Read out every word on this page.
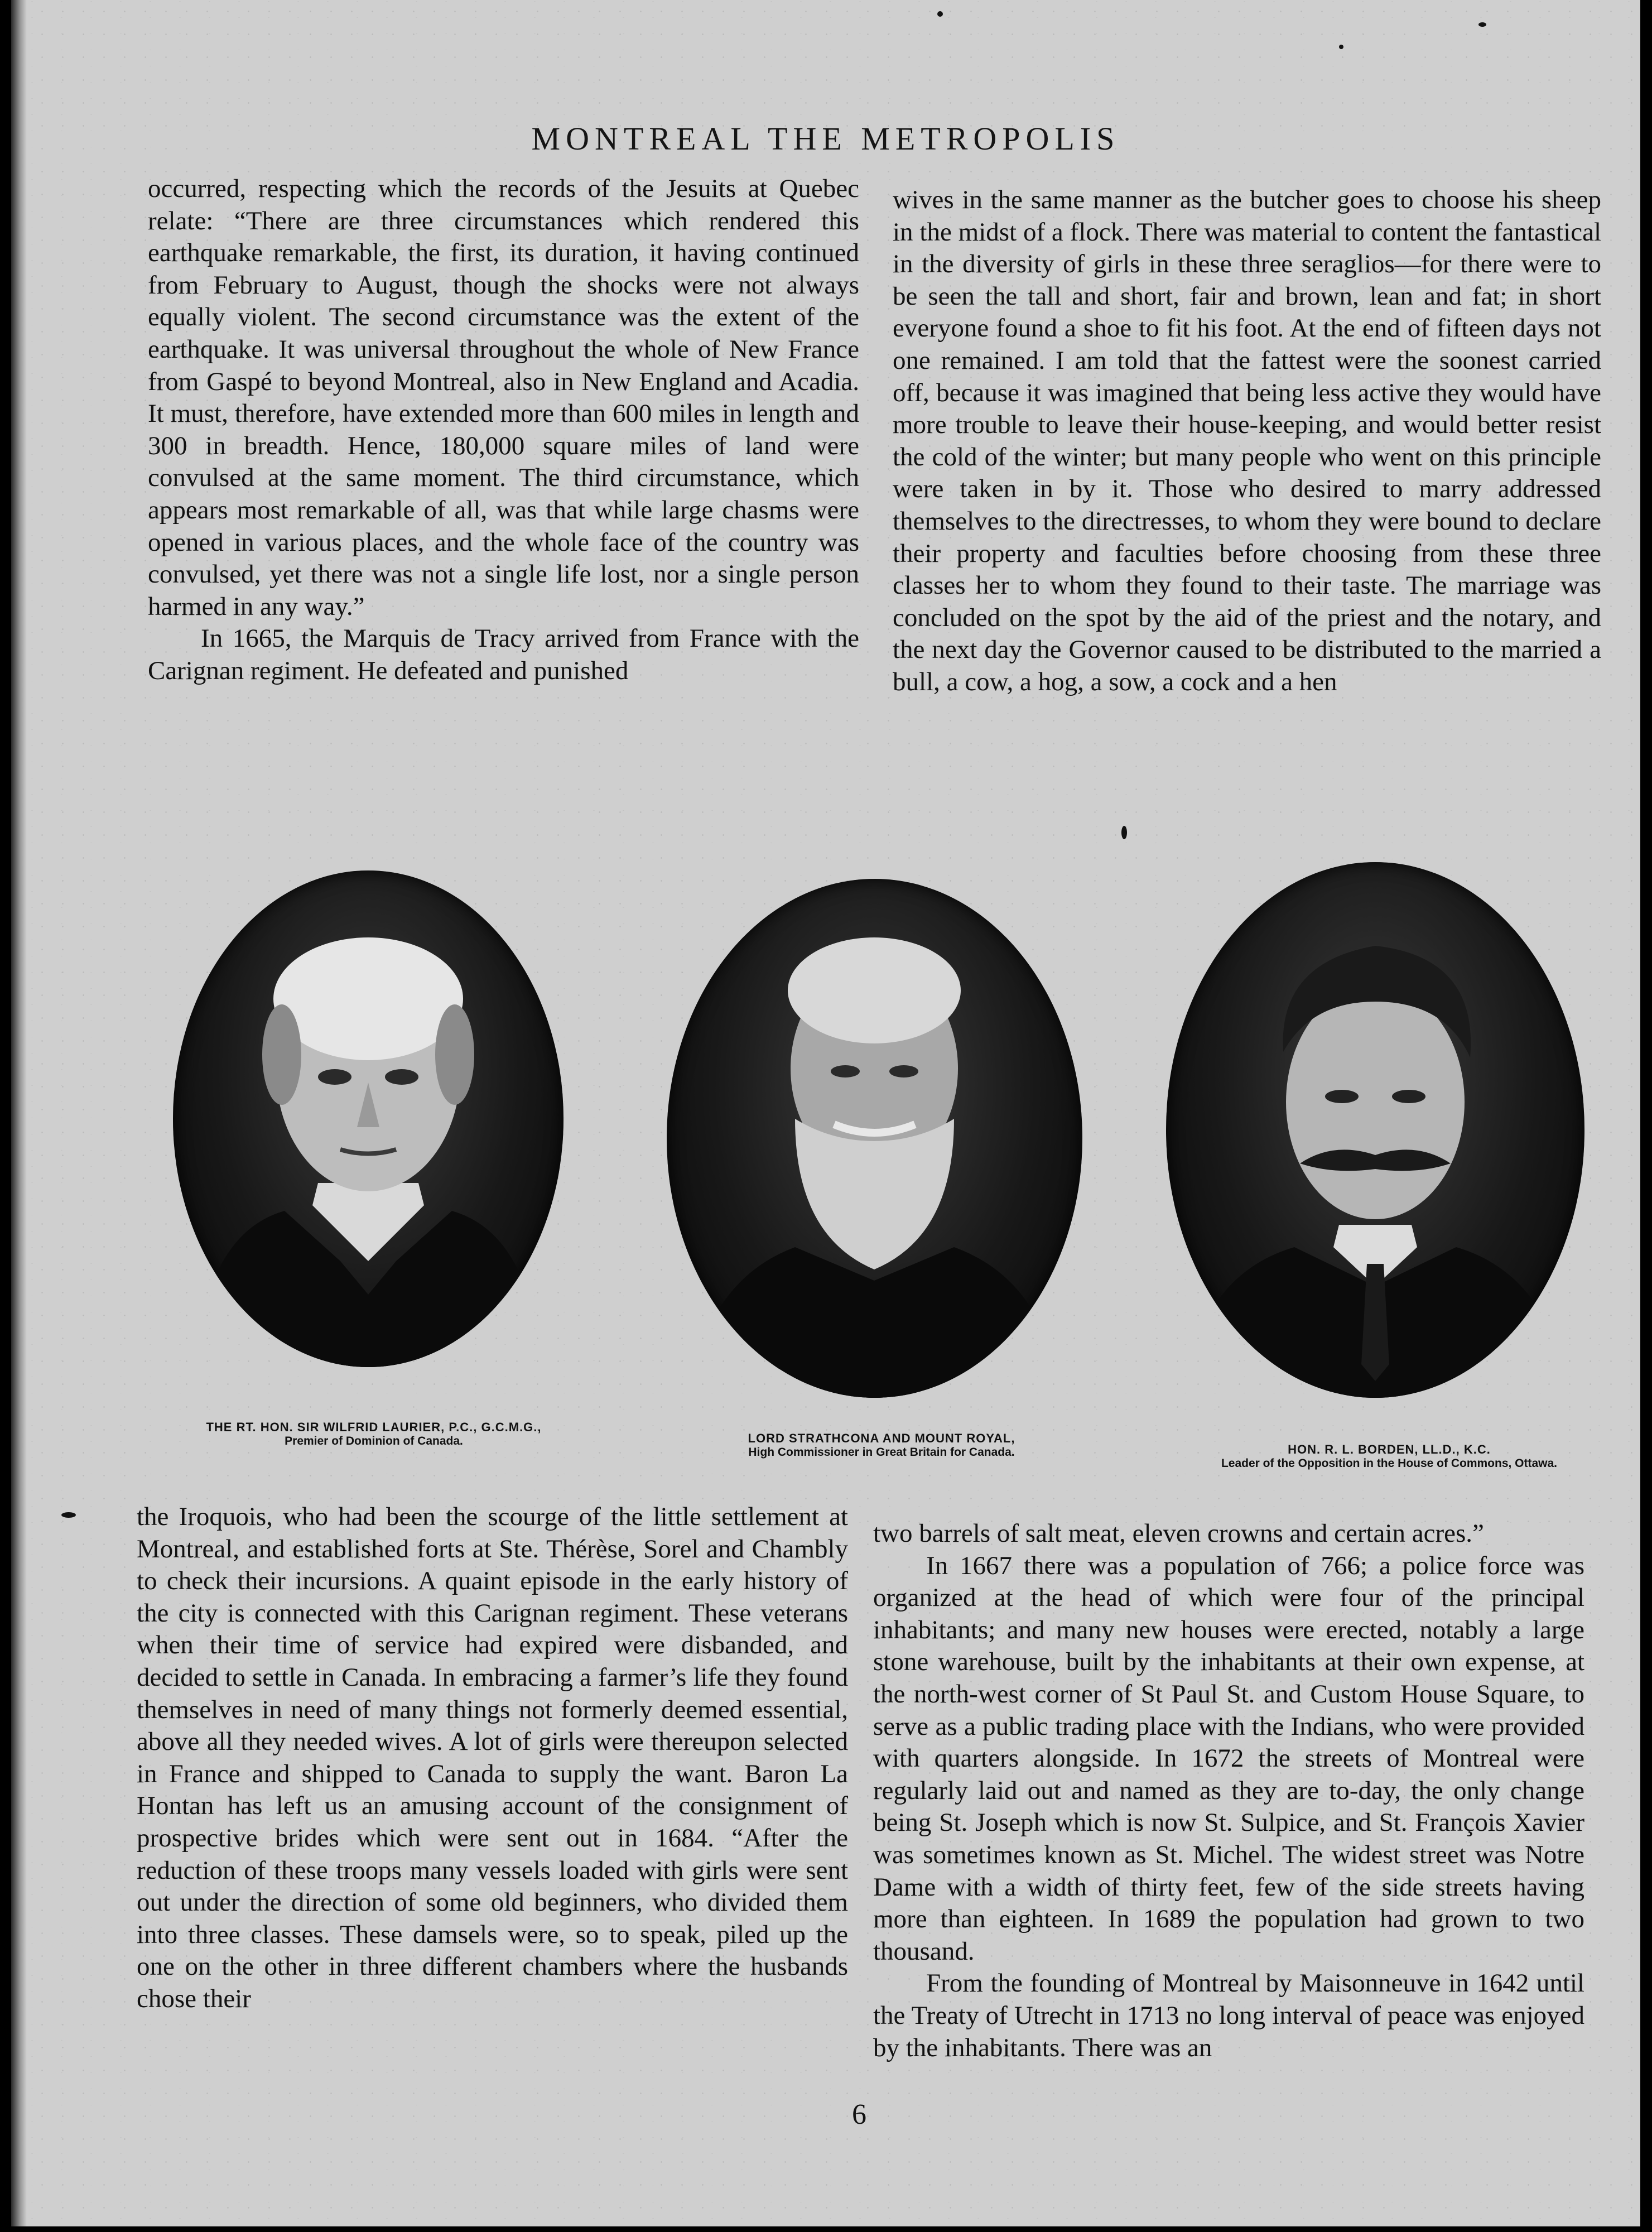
MONTREAL THE METROPOLIS

occurred, respecting which the records of the Jesuits at Quebec relate: “There are three circumstances which rendered this earthquake remarkable, the first, its duration, it having continued from February to August, though the shocks were not always equally violent. The second circumstance was the extent of the earthquake. It was universal throughout the whole of New France from Gaspé to beyond Montreal, also in New England and Acadia. It must, therefore, have extended more than 600 miles in length and 300 in breadth. Hence, 180,000 square miles of land were convulsed at the same moment. The third circumstance, which appears most remarkable of all, was that while large chasms were opened in various places, and the whole face of the country was convulsed, yet there was not a single life lost, nor a single person harmed in any way.”

In 1665, the Marquis de Tracy arrived from France with the Carignan regiment. He defeated and punished

wives in the same manner as the butcher goes to choose his sheep in the midst of a flock. There was material to content the fantastical in the diversity of girls in these three seraglios—for there were to be seen the tall and short, fair and brown, lean and fat; in short everyone found a shoe to fit his foot. At the end of fifteen days not one remained. I am told that the fattest were the soonest carried off, because it was imagined that being less active they would have more trouble to leave their house-keeping, and would better resist the cold of the winter; but many people who went on this principle were taken in by it. Those who desired to marry addressed themselves to the directresses, to whom they were bound to declare their property and faculties before choosing from these three classes her to whom they found to their taste. The marriage was concluded on the spot by the aid of the priest and the notary, and the next day the Governor caused to be distributed to the married a bull, a cow, a hog, a sow, a cock and a hen

THE RT. HON. SIR WILFRID LAURIER, P.C., G.C.M.G.,
Premier of Dominion of Canada.	LORD STRATHCONA AND MOUNT ROYAL,
High Commissioner in Great Britain for Canada.	HON. R. L. BORDEN, LL.D., K.C.
Leader of the Opposition in the House of Commons, Ottawa.

the Iroquois, who had been the scourge of the little settlement at Montreal, and established forts at Ste. Thérèse, Sorel and Chambly to check their incursions. A quaint episode in the early history of the city is connected with this Carignan regiment. These veterans when their time of service had expired were disbanded, and decided to settle in Canada. In embracing a farmer’s life they found themselves in need of many things not formerly deemed essential, above all they needed wives. A lot of girls were thereupon selected in France and shipped to Canada to supply the want. Baron La Hontan has left us an amusing account of the consignment of prospective brides which were sent out in 1684. “After the reduction of these troops many vessels loaded with girls were sent out under the direction of some old beginners, who divided them into three classes. These damsels were, so to speak, piled up the one on the other in three different chambers where the husbands chose their

two barrels of salt meat, eleven crowns and certain acres.”

In 1667 there was a population of 766; a police force was organized at the head of which were four of the principal inhabitants; and many new houses were erected, notably a large stone warehouse, built by the inhabitants at their own expense, at the north-west corner of St Paul St. and Custom House Square, to serve as a public trading place with the Indians, who were provided with quarters alongside. In 1672 the streets of Montreal were regularly laid out and named as they are to-day, the only change being St. Joseph which is now St. Sulpice, and St. François Xavier was sometimes known as St. Michel. The widest street was Notre Dame with a width of thirty feet, few of the side streets having more than eighteen. In 1689 the population had grown to two thousand.

From the founding of Montreal by Maisonneuve in 1642 until the Treaty of Utrecht in 1713 no long interval of peace was enjoyed by the inhabitants. There was an

6
